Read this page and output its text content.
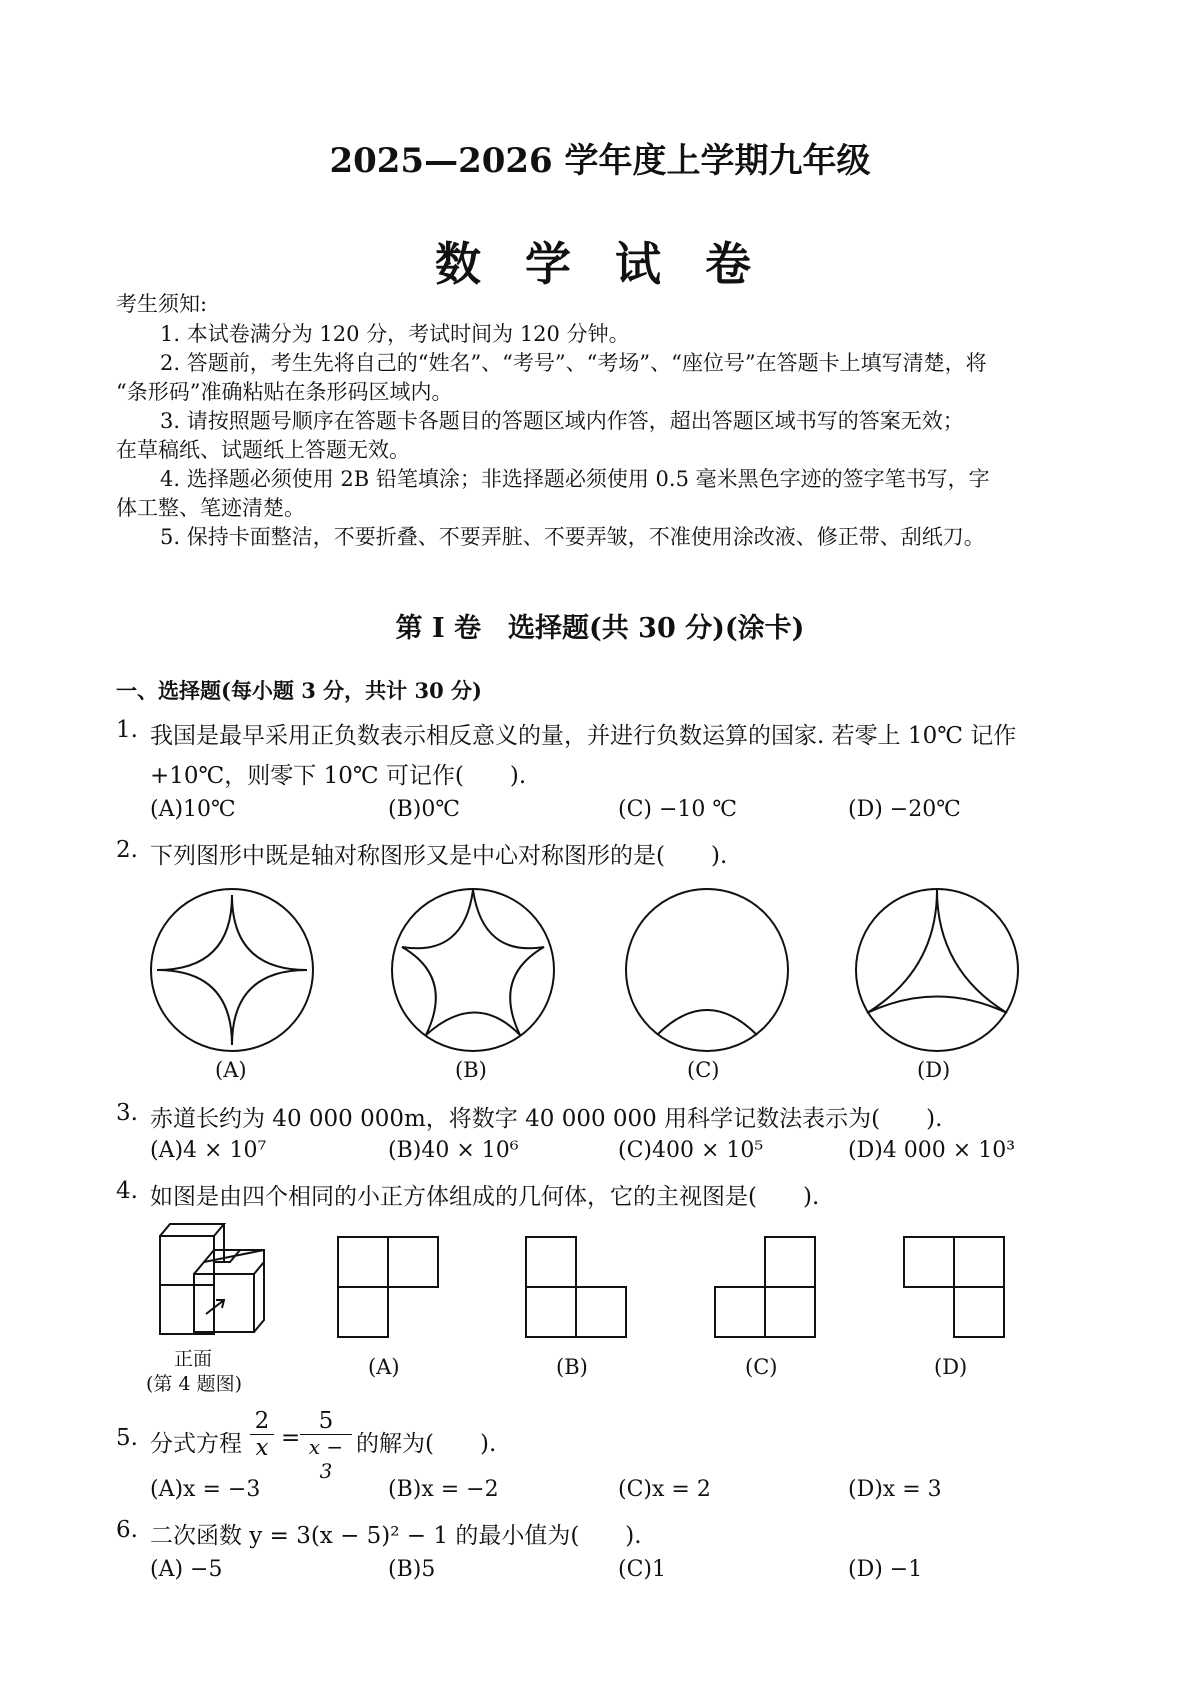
2025—2026 学年度上学期九年级
数 学 试 卷
考生须知:
1. 本试卷满分为 120 分，考试时间为 120 分钟。
2. 答题前，考生先将自己的“姓名”、“考号”、“考场”、“座位号”在答题卡上填写清楚，将
“条形码”准确粘贴在条形码区域内。
3. 请按照题号顺序在答题卡各题目的答题区域内作答，超出答题区域书写的答案无效；
在草稿纸、试题纸上答题无效。
4. 选择题必须使用 2B 铅笔填涂；非选择题必须使用 0.5 毫米黑色字迹的签字笔书写，字
体工整、笔迹清楚。
5. 保持卡面整洁，不要折叠、不要弄脏、不要弄皱，不准使用涂改液、修正带、刮纸刀。
第 Ⅰ 卷　选择题(共 30 分)(涂卡)
一、选择题(每小题 3 分，共计 30 分)
1. 我国是最早采用正负数表示相反意义的量，并进行负数运算的国家. 若零上 10℃ 记作
+10℃，则零下 10℃ 可记作(　　).
(A)10℃	(B)0℃	(C) −10 ℃	(D) −20℃
2. 下列图形中既是轴对称图形又是中心对称图形的是(　　).
(A)	(B)	(C)	(D)
3. 赤道长约为 40 000 000m，将数字 40 000 000 用科学记数法表示为(　　).
(A)4 × 10⁷	(B)40 × 10⁶	(C)400 × 10⁵	(D)4 000 × 10³
4. 如图是由四个相同的小正方体组成的几何体，它的主视图是(　　).
正面
(第 4 题图)
(A)	(B)	(C)	(D)
5. 分式方程 $\frac{2}{x} = \frac{5}{x - 3}$ 的解为(　　).
(A)x = −3	(B)x = −2	(C)x = 2	(D)x = 3
6. 二次函数 y = 3(x − 5)² − 1 的最小值为(　　).
(A) −5	(B)5	(C)1	(D) −1
